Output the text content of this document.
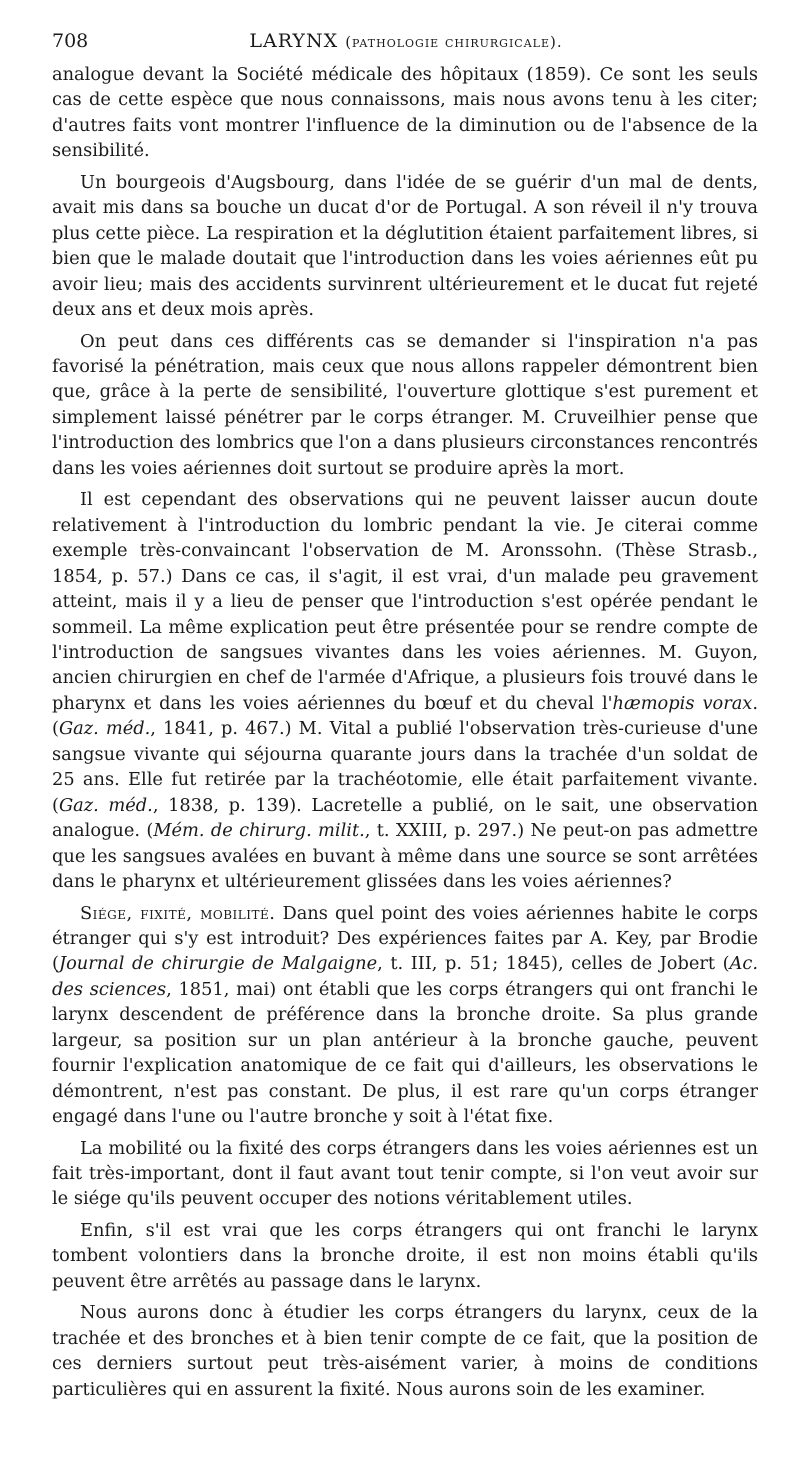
708	LARYNX (pathologie chirurgicale).

analogue devant la Société médicale des hôpitaux (1859). Ce sont les seuls cas de cette espèce que nous connaissons, mais nous avons tenu à les citer; d'autres faits vont montrer l'influence de la diminution ou de l'absence de la sensibilité.

Un bourgeois d'Augsbourg, dans l'idée de se guérir d'un mal de dents, avait mis dans sa bouche un ducat d'or de Portugal. A son réveil il n'y trouva plus cette pièce. La respiration et la déglutition étaient parfaitement libres, si bien que le malade doutait que l'introduction dans les voies aériennes eût pu avoir lieu; mais des accidents survinrent ultérieurement et le ducat fut rejeté deux ans et deux mois après.

On peut dans ces différents cas se demander si l'inspiration n'a pas favorisé la pénétration, mais ceux que nous allons rappeler démontrent bien que, grâce à la perte de sensibilité, l'ouverture glottique s'est purement et simplement laissé pénétrer par le corps étranger. M. Cruveilhier pense que l'introduction des lombrics que l'on a dans plusieurs circonstances rencontrés dans les voies aériennes doit surtout se produire après la mort.

Il est cependant des observations qui ne peuvent laisser aucun doute relativement à l'introduction du lombric pendant la vie. Je citerai comme exemple très-convaincant l'observation de M. Aronssohn. (Thèse Strasb., 1854, p. 57.) Dans ce cas, il s'agit, il est vrai, d'un malade peu gravement atteint, mais il y a lieu de penser que l'introduction s'est opérée pendant le sommeil. La même explication peut être présentée pour se rendre compte de l'introduction de sangsues vivantes dans les voies aériennes. M. Guyon, ancien chirurgien en chef de l'armée d'Afrique, a plusieurs fois trouvé dans le pharynx et dans les voies aériennes du bœuf et du cheval l'hæmopis vorax. (Gaz. méd., 1841, p. 467.) M. Vital a publié l'observation très-curieuse d'une sangsue vivante qui séjourna quarante jours dans la trachée d'un soldat de 25 ans. Elle fut retirée par la trachéotomie, elle était parfaitement vivante. (Gaz. méd., 1838, p. 139). Lacretelle a publié, on le sait, une observation analogue. (Mém. de chirurg. milit., t. XXIII, p. 297.) Ne peut-on pas admettre que les sangsues avalées en buvant à même dans une source se sont arrêtées dans le pharynx et ultérieurement glissées dans les voies aériennes?

Siége, fixité, mobilité. Dans quel point des voies aériennes habite le corps étranger qui s'y est introduit? Des expériences faites par A. Key, par Brodie (Journal de chirurgie de Malgaigne, t. III, p. 51; 1845), celles de Jobert (Ac. des sciences, 1851, mai) ont établi que les corps étrangers qui ont franchi le larynx descendent de préférence dans la bronche droite. Sa plus grande largeur, sa position sur un plan antérieur à la bronche gauche, peuvent fournir l'explication anatomique de ce fait qui d'ailleurs, les observations le démontrent, n'est pas constant. De plus, il est rare qu'un corps étranger engagé dans l'une ou l'autre bronche y soit à l'état fixe.

La mobilité ou la fixité des corps étrangers dans les voies aériennes est un fait très-important, dont il faut avant tout tenir compte, si l'on veut avoir sur le siége qu'ils peuvent occuper des notions véritablement utiles.

Enfin, s'il est vrai que les corps étrangers qui ont franchi le larynx tombent volontiers dans la bronche droite, il est non moins établi qu'ils peuvent être arrêtés au passage dans le larynx.

Nous aurons donc à étudier les corps étrangers du larynx, ceux de la trachée et des bronches et à bien tenir compte de ce fait, que la position de ces derniers surtout peut très-aisément varier, à moins de conditions particulières qui en assurent la fixité. Nous aurons soin de les examiner.
